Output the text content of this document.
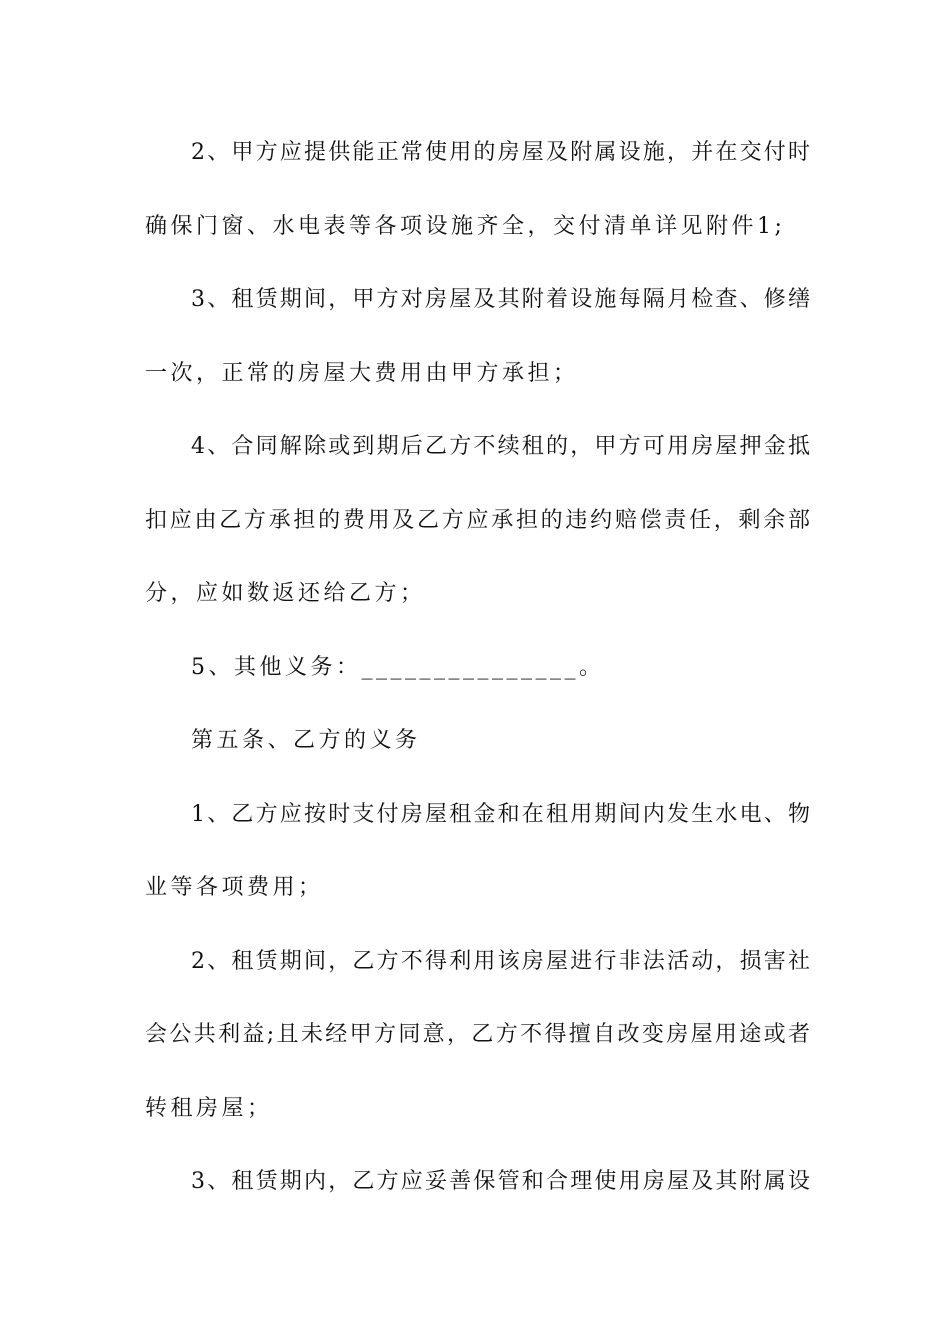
2、甲方应提供能正常使用的房屋及附属设施，并在交付时
确保门窗、水电表等各项设施齐全，交付清单详见附件1;
3、租赁期间，甲方对房屋及其附着设施每隔月检查、修缮
一次，正常的房屋大费用由甲方承担；
4、合同解除或到期后乙方不续租的，甲方可用房屋押金抵
扣应由乙方承担的费用及乙方应承担的违约赔偿责任，剩余部
分，应如数返还给乙方；
5、其他义务：_______________。
第五条、乙方的义务
1、乙方应按时支付房屋租金和在租用期间内发生水电、物
业等各项费用；
2、租赁期间，乙方不得利用该房屋进行非法活动，损害社
会公共利益;且未经甲方同意，乙方不得擅自改变房屋用途或者
转租房屋；
3、租赁期内，乙方应妥善保管和合理使用房屋及其附属设
